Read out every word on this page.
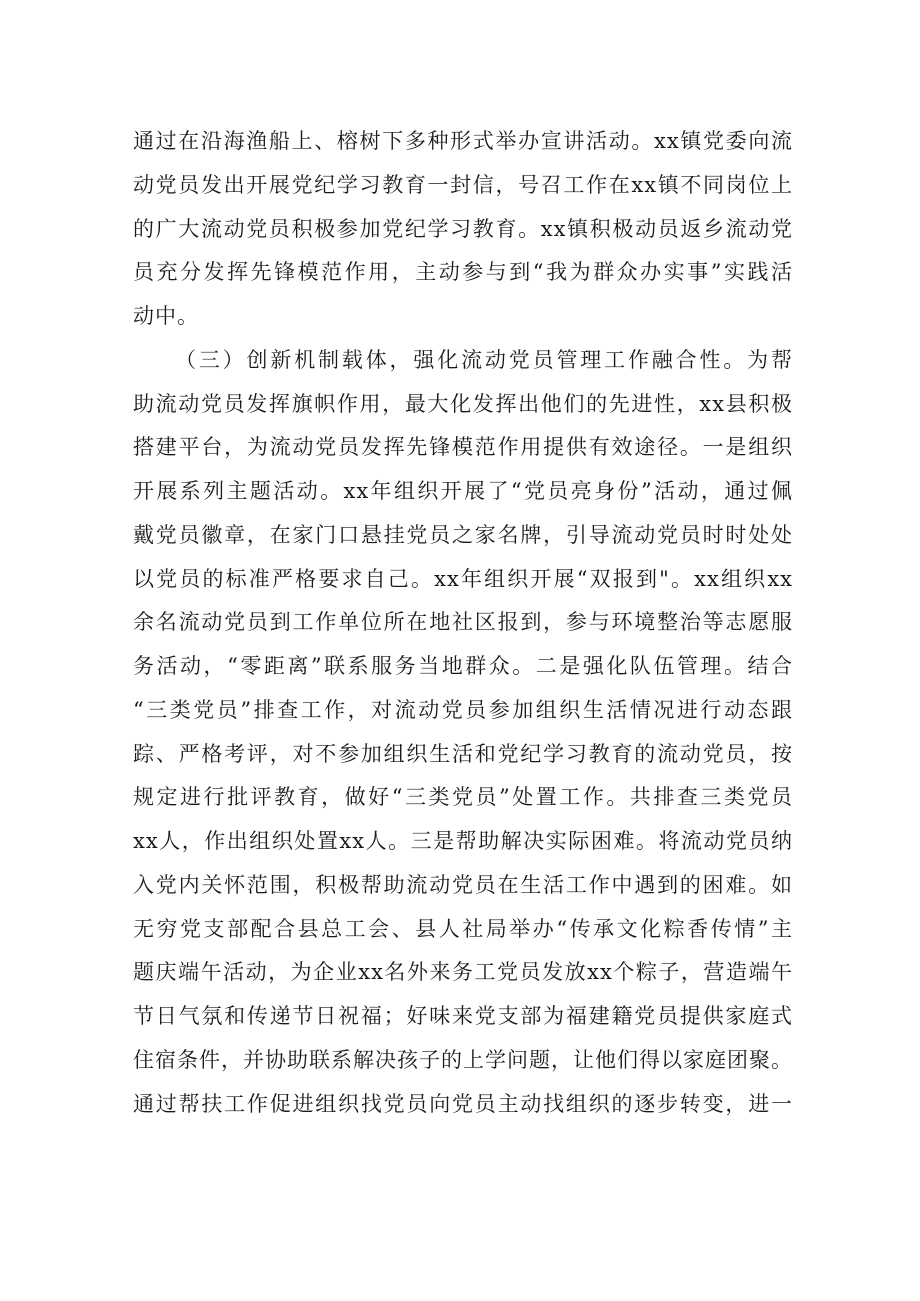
通过在沿海渔船上、榕树下多种形式举办宣讲活动。xx镇党委向流
动党员发出开展党纪学习教育一封信，号召工作在xx镇不同岗位上
的广大流动党员积极参加党纪学习教育。xx镇积极动员返乡流动党
员充分发挥先锋模范作用，主动参与到“我为群众办实事”实践活
动中。
（三）创新机制载体，强化流动党员管理工作融合性。为帮
助流动党员发挥旗帜作用，最大化发挥出他们的先进性，xx县积极
搭建平台，为流动党员发挥先锋模范作用提供有效途径。一是组织
开展系列主题活动。xx年组织开展了“党员亮身份”活动，通过佩
戴党员徽章，在家门口悬挂党员之家名牌，引导流动党员时时处处
以党员的标准严格要求自己。xx年组织开展“双报到"。xx组织xx
余名流动党员到工作单位所在地社区报到，参与环境整治等志愿服
务活动，“零距离”联系服务当地群众。二是强化队伍管理。结合
“三类党员”排查工作，对流动党员参加组织生活情况进行动态跟
踪、严格考评，对不参加组织生活和党纪学习教育的流动党员，按
规定进行批评教育，做好“三类党员”处置工作。共排查三类党员
xx人，作出组织处置xx人。三是帮助解决实际困难。将流动党员纳
入党内关怀范围，积极帮助流动党员在生活工作中遇到的困难。如
无穷党支部配合县总工会、县人社局举办“传承文化粽香传情”主
题庆端午活动，为企业xx名外来务工党员发放xx个粽子，营造端午
节日气氛和传递节日祝福；好味来党支部为福建籍党员提供家庭式
住宿条件，并协助联系解决孩子的上学问题，让他们得以家庭团聚。
通过帮扶工作促进组织找党员向党员主动找组织的逐步转变，进一
